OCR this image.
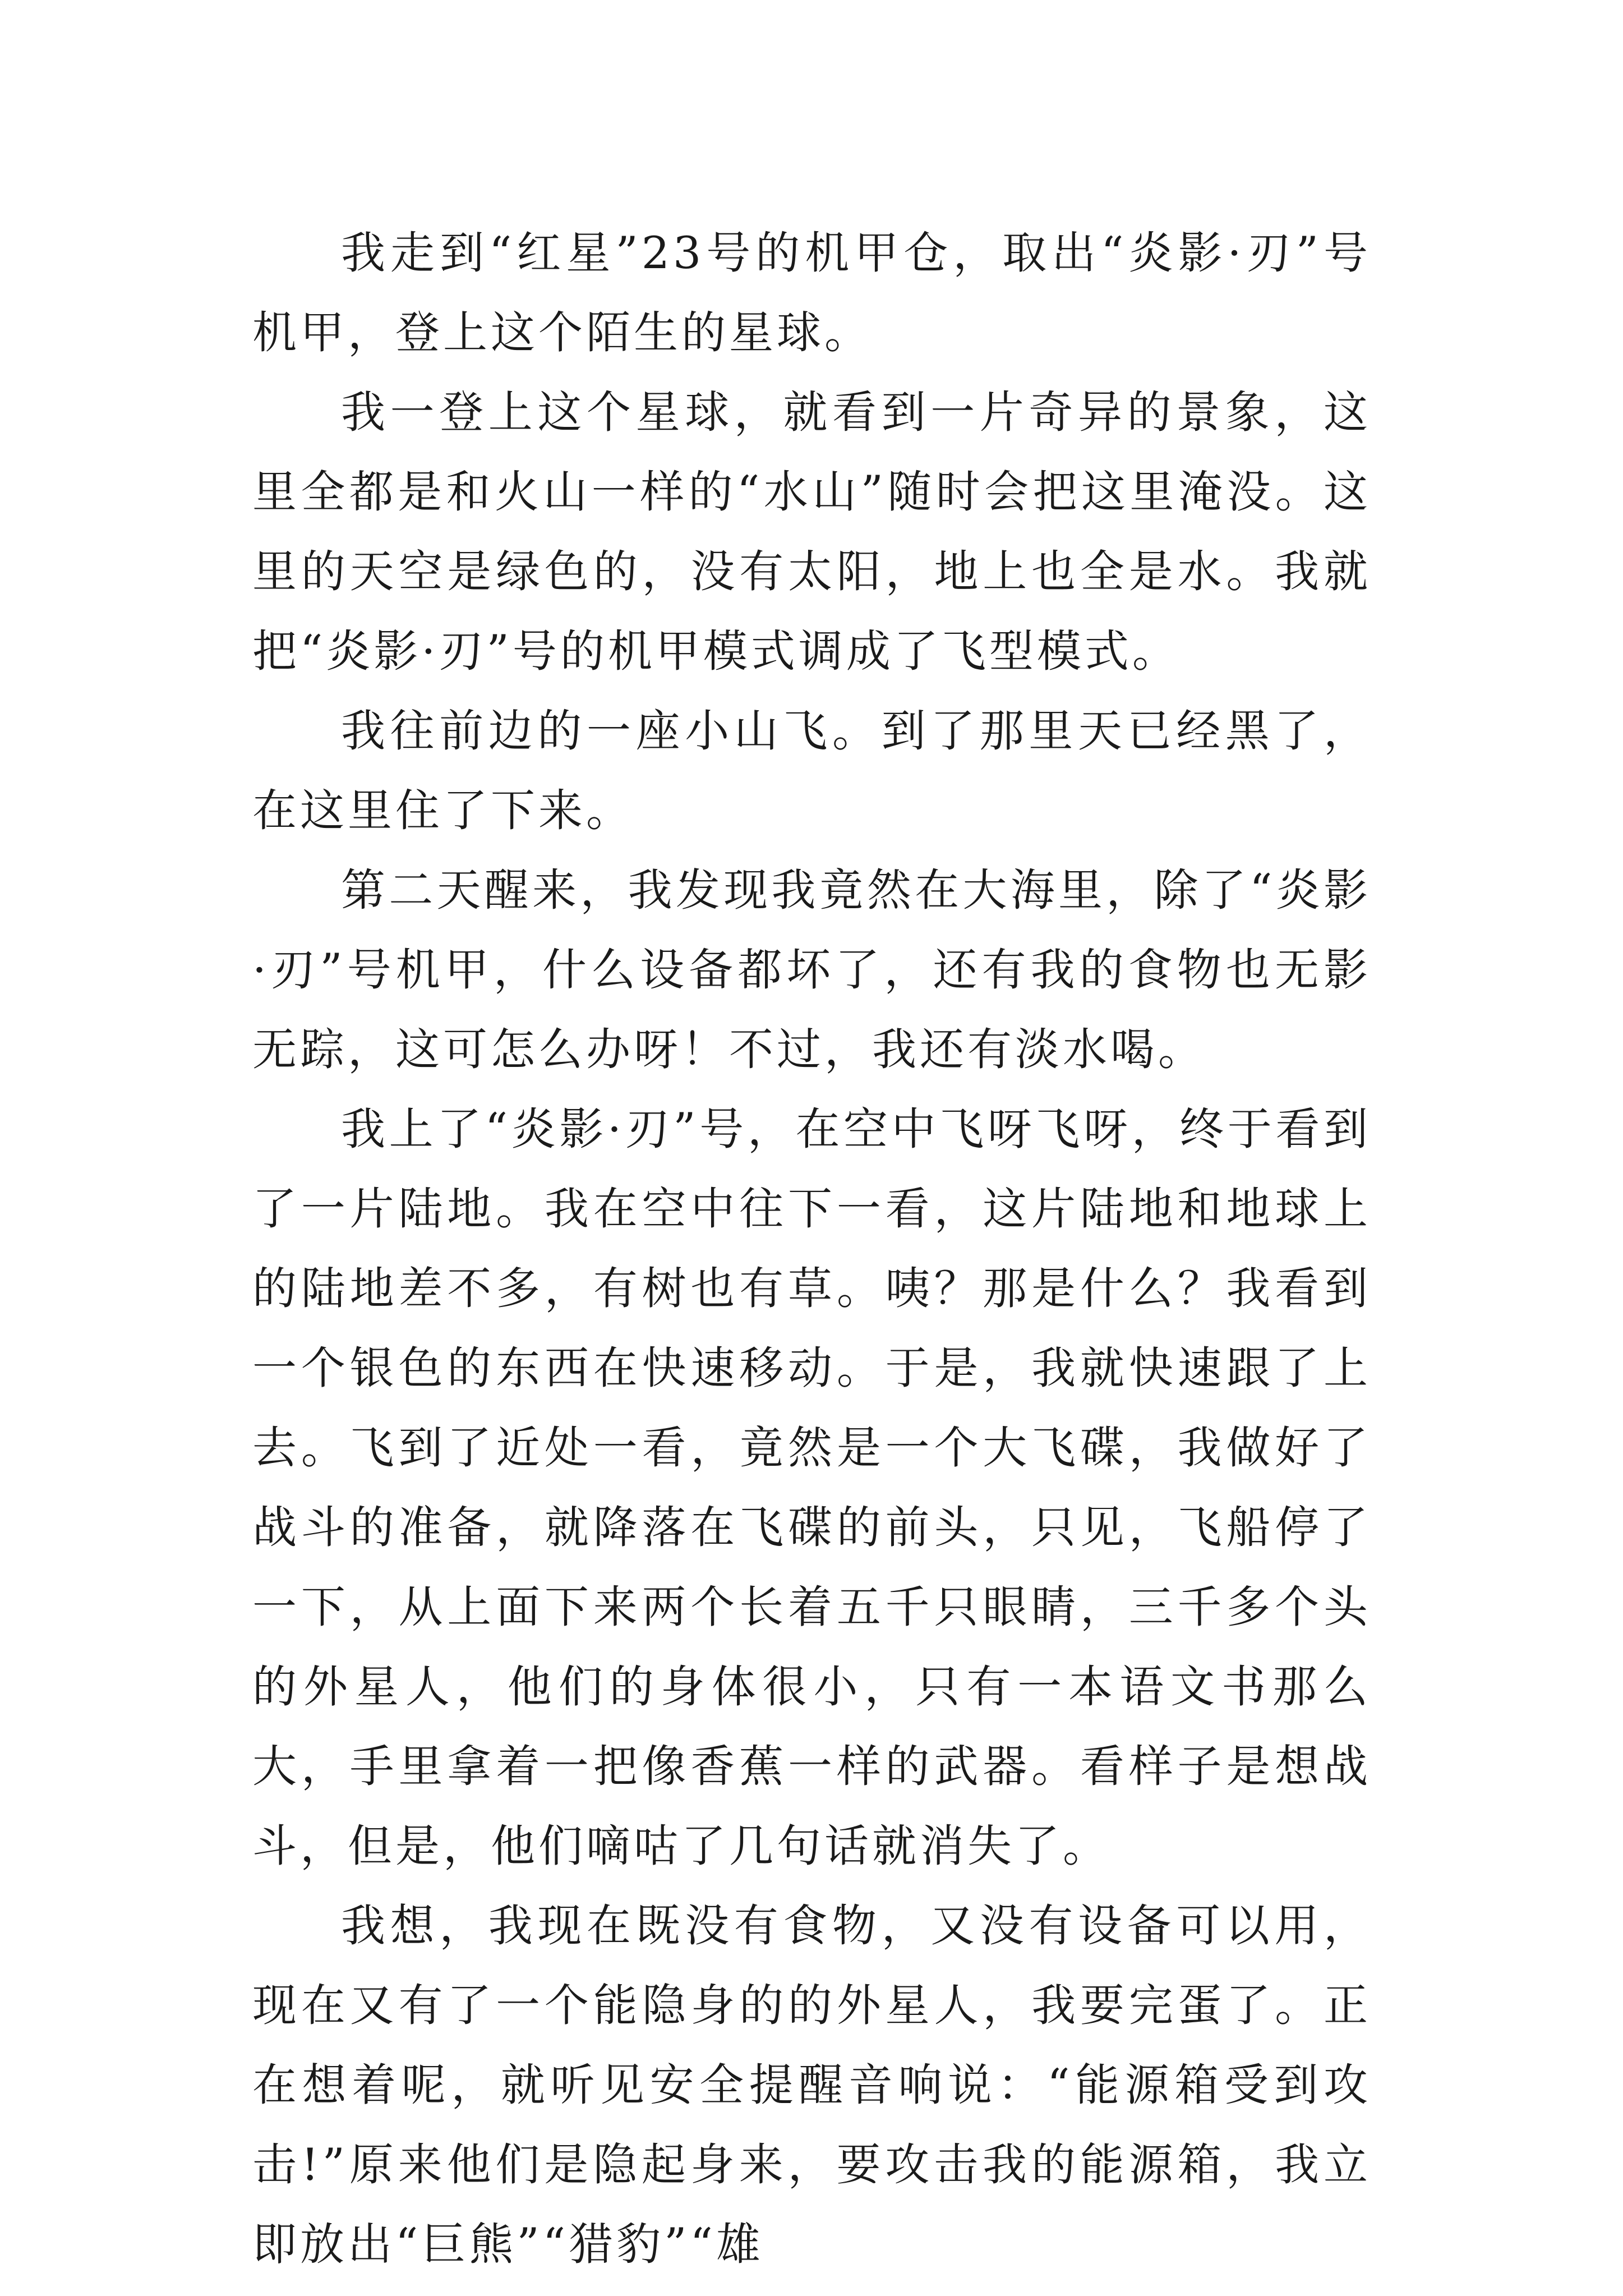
我走到“红星”23号的机甲仓，取出“炎影·刃”号机甲，登上这个陌生的星球。

我一登上这个星球，就看到一片奇异的景象，这里全都是和火山一样的“水山”随时会把这里淹没。这里的天空是绿色的，没有太阳，地上也全是水。我就把“炎影·刃”号的机甲模式调成了飞型模式。

我往前边的一座小山飞。到了那里天已经黑了，在这里住了下来。

第二天醒来，我发现我竟然在大海里，除了“炎影·刃”号机甲，什么设备都坏了，还有我的食物也无影无踪，这可怎么办呀！不过，我还有淡水喝。

我上了“炎影·刃”号，在空中飞呀飞呀，终于看到了一片陆地。我在空中往下一看，这片陆地和地球上的陆地差不多，有树也有草。咦？那是什么？我看到一个银色的东西在快速移动。于是，我就快速跟了上去。飞到了近处一看，竟然是一个大飞碟，我做好了战斗的准备，就降落在飞碟的前头，只见，飞船停了一下，从上面下来两个长着五千只眼睛，三千多个头的外星人，他们的身体很小，只有一本语文书那么大，手里拿着一把像香蕉一样的武器。看样子是想战斗，但是，他们嘀咕了几句话就消失了。

我想，我现在既没有食物，又没有设备可以用，现在又有了一个能隐身的的外星人，我要完蛋了。正在想着呢，就听见安全提醒音响说：“能源箱受到攻击!”原来他们是隐起身来，要攻击我的能源箱，我立即放出“巨熊”“猎豹”“雄
